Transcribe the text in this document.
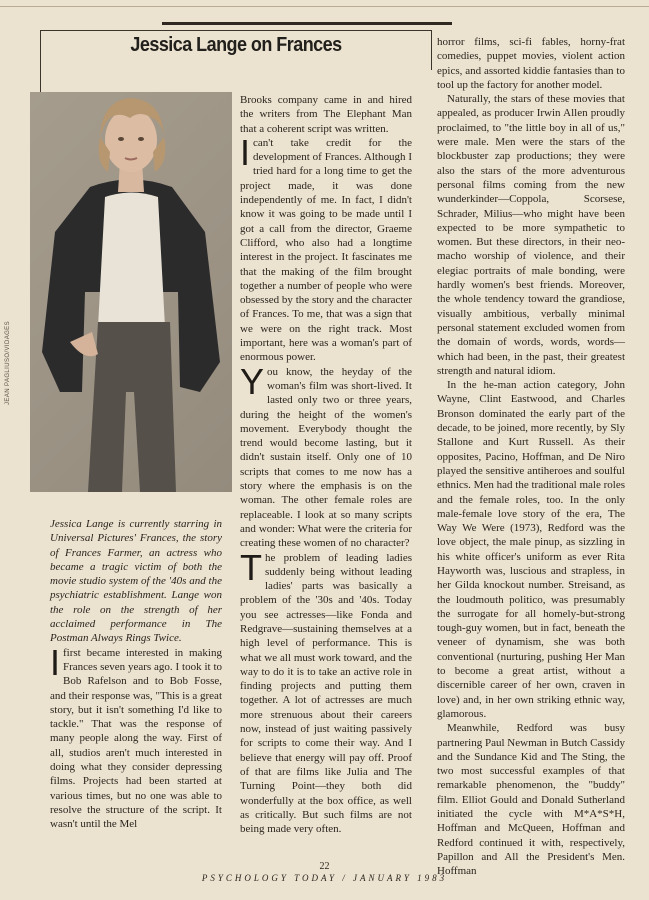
Jessica Lange on Frances
JEAN PAGLIUSO/VIDAGES

Jessica Lange is currently starring in Universal Pictures' Frances, the story of Frances Farmer, an actress who became a tragic victim of both the movie studio system of the '40s and the psychiatric establishment. Lange won the role on the strength of her acclaimed performance in The Postman Always Rings Twice.

I first became interested in making Frances seven years ago. I took it to Bob Rafelson and to Bob Fosse, and their response was, "This is a great story, but it isn't something I'd like to tackle." That was the response of many people along the way. First of all, studios aren't much interested in doing what they consider depressing films. Projects had been started at various times, but no one was able to resolve the structure of the script. It wasn't until the Mel

Brooks company came in and hired the writers from The Elephant Man that a coherent script was written.

I can't take credit for the development of Frances. Although I tried hard for a long time to get the project made, it was done independently of me. In fact, I didn't know it was going to be made until I got a call from the director, Graeme Clifford, who also had a longtime interest in the project. It fascinates me that the making of the film brought together a number of people who were obsessed by the story and the character of Frances. To me, that was a sign that we were on the right track. Most important, here was a woman's part of enormous power.

Y ou know, the heyday of the woman's film was short-lived. It lasted only two or three years, during the height of the women's movement. Everybody thought the trend would become lasting, but it didn't sustain itself. Only one of 10 scripts that comes to me now has a story where the emphasis is on the woman. The other female roles are replaceable. I look at so many scripts and wonder: What were the criteria for creating these women of no character?

T he problem of leading ladies suddenly being without leading ladies' parts was basically a problem of the '30s and '40s. Today you see actresses—like Fonda and Redgrave—sustaining themselves at a high level of performance. This is what we all must work toward, and the way to do it is to take an active role in finding projects and putting them together. A lot of actresses are much more strenuous about their careers now, instead of just waiting passively for scripts to come their way. And I believe that energy will pay off. Proof of that are films like Julia and The Turning Point—they both did wonderfully at the box office, as well as critically. But such films are not being made very often.

horror films, sci-fi fables, horny-frat comedies, puppet movies, violent action epics, and assorted kiddie fantasies than to tool up the factory for another model.

Naturally, the stars of these movies that appealed, as producer Irwin Allen proudly proclaimed, to "the little boy in all of us," were male. Men were the stars of the blockbuster zap productions; they were also the stars of the more adventurous personal films coming from the new wunderkinder—Coppola, Scorsese, Schrader, Milius—who might have been expected to be more sympathetic to women. But these directors, in their neo-macho worship of violence, and their elegiac portraits of male bonding, were hardly women's best friends. Moreover, the whole tendency toward the grandiose, visually ambitious, verbally minimal personal statement excluded women from the domain of words, words, words—which had been, in the past, their greatest strength and natural idiom.

In the he-man action category, John Wayne, Clint Eastwood, and Charles Bronson dominated the early part of the decade, to be joined, more recently, by Sly Stallone and Kurt Russell. As their opposites, Pacino, Hoffman, and De Niro played the sensitive antiheroes and soulful ethnics. Men had the traditional male roles and the female roles, too. In the only male-female love story of the era, The Way We Were (1973), Redford was the love object, the male pinup, as sizzling in his white officer's uniform as ever Rita Hayworth was, luscious and strapless, in her Gilda knockout number. Streisand, as the loudmouth politico, was presumably the surrogate for all homely-but-strong tough-guy women, but in fact, beneath the veneer of dynamism, she was both conventional (nurturing, pushing Her Man to become a great artist, without a discernible career of her own, craven in love) and, in her own striking ethnic way, glamorous.

Meanwhile, Redford was busy partnering Paul Newman in Butch Cassidy and the Sundance Kid and The Sting, the two most successful examples of that remarkable phenomenon, the "buddy" film. Elliot Gould and Donald Sutherland initiated the cycle with M*A*S*H, Hoffman and McQueen, Hoffman and Redford continued it with, respectively, Papillon and All the President's Men. Hoffman

22
PSYCHOLOGY TODAY / JANUARY 1983
